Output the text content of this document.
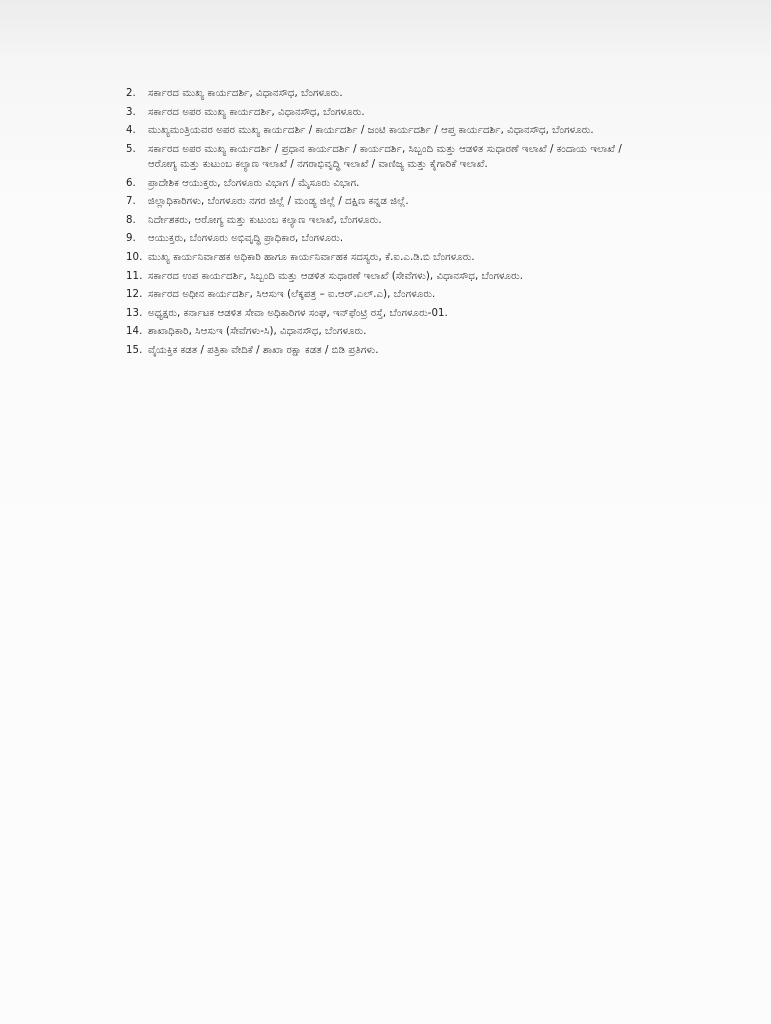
2.	ಸರ್ಕಾರದ ಮುಖ್ಯ ಕಾರ್ಯದರ್ಶಿ, ವಿಧಾನಸೌಧ, ಬೆಂಗಳೂರು.
3.	ಸರ್ಕಾರದ ಅಪರ ಮುಖ್ಯ ಕಾರ್ಯದರ್ಶಿ, ವಿಧಾನಸೌಧ, ಬೆಂಗಳೂರು.
4.	ಮುಖ್ಯಮಂತ್ರಿಯವರ ಅಪರ ಮುಖ್ಯ ಕಾರ್ಯದರ್ಶಿ / ಕಾರ್ಯದರ್ಶಿ / ಜಂಟಿ ಕಾರ್ಯದರ್ಶಿ / ಆಪ್ತ ಕಾರ್ಯದರ್ಶಿ, ವಿಧಾನಸೌಧ, ಬೆಂಗಳೂರು.
5.	ಸರ್ಕಾರದ ಅಪರ ಮುಖ್ಯ ಕಾರ್ಯದರ್ಶಿ / ಪ್ರಧಾನ ಕಾರ್ಯದರ್ಶಿ / ಕಾರ್ಯದರ್ಶಿ, ಸಿಬ್ಬಂದಿ ಮತ್ತು ಆಡಳಿತ ಸುಧಾರಣೆ ಇಲಾಖೆ / ಕಂದಾಯ ಇಲಾಖೆ / ಆರೋಗ್ಯ ಮತ್ತು ಕುಟುಂಬ ಕಲ್ಯಾಣ ಇಲಾಖೆ / ನಗರಾಭಿವೃದ್ಧಿ ಇಲಾಖೆ / ವಾಣಿಜ್ಯ ಮತ್ತು ಕೈಗಾರಿಕೆ ಇಲಾಖೆ.
6.	ಪ್ರಾದೇಶಿಕ ಆಯುಕ್ತರು, ಬೆಂಗಳೂರು ವಿಭಾಗ / ಮೈಸೂರು ವಿಭಾಗ.
7.	ಜಿಲ್ಲಾಧಿಕಾರಿಗಳು, ಬೆಂಗಳೂರು ನಗರ ಜಿಲ್ಲೆ / ಮಂಡ್ಯ ಜಿಲ್ಲೆ / ದಕ್ಷಿಣ ಕನ್ನಡ ಜಿಲ್ಲೆ.
8.	ನಿರ್ದೇಶಕರು, ಆರೋಗ್ಯ ಮತ್ತು ಕುಟುಂಬ ಕಲ್ಯಾಣ ಇಲಾಖೆ, ಬೆಂಗಳೂರು.
9.	ಆಯುಕ್ತರು, ಬೆಂಗಳೂರು ಅಭಿವೃದ್ಧಿ ಪ್ರಾಧಿಕಾರ, ಬೆಂಗಳೂರು.
10. ಮುಖ್ಯ ಕಾರ್ಯನಿರ್ವಾಹಕ ಅಧಿಕಾರಿ ಹಾಗೂ ಕಾರ್ಯನಿರ್ವಾಹಕ ಸದಸ್ಯರು, ಕೆ.ಐ.ಎ.ಡಿ.ಬಿ ಬೆಂಗಳೂರು.
11. ಸರ್ಕಾರದ ಉಪ ಕಾರ್ಯದರ್ಶಿ, ಸಿಬ್ಬಂದಿ ಮತ್ತು ಆಡಳಿತ ಸುಧಾರಣೆ ಇಲಾಖೆ (ಸೇವೆಗಳು), ವಿಧಾನಸೌಧ, ಬೆಂಗಳೂರು.
12. ಸರ್ಕಾರದ ಅಧೀನ ಕಾರ್ಯದರ್ಶಿ, ಸಿಆಸುಇ (ಲೆಕ್ಕಪತ್ರ – ಐ.ಆರ್.ಎಲ್.ಎ), ಬೆಂಗಳೂರು.
13. ಅಧ್ಯಕ್ಷರು, ಕರ್ನಾಟಕ ಆಡಳಿತ ಸೇವಾ ಅಧಿಕಾರಿಗಳ ಸಂಘ, ಇನ್‌ಫೆಂಟ್ರಿ ರಸ್ತೆ, ಬೆಂಗಳೂರು-01.
14. ಶಾಖಾಧಿಕಾರಿ, ಸಿಆಸುಇ (ಸೇವೆಗಳು-ಸಿ), ವಿಧಾನಸೌಧ, ಬೆಂಗಳೂರು.
15. ವೈಯಕ್ತಿಕ ಕಡತ / ಪತ್ರಿಕಾ ವೇದಿಕೆ / ಶಾಖಾ ರಕ್ಷಾ ಕಡತ / ಬಿಡಿ ಪ್ರತಿಗಳು.
